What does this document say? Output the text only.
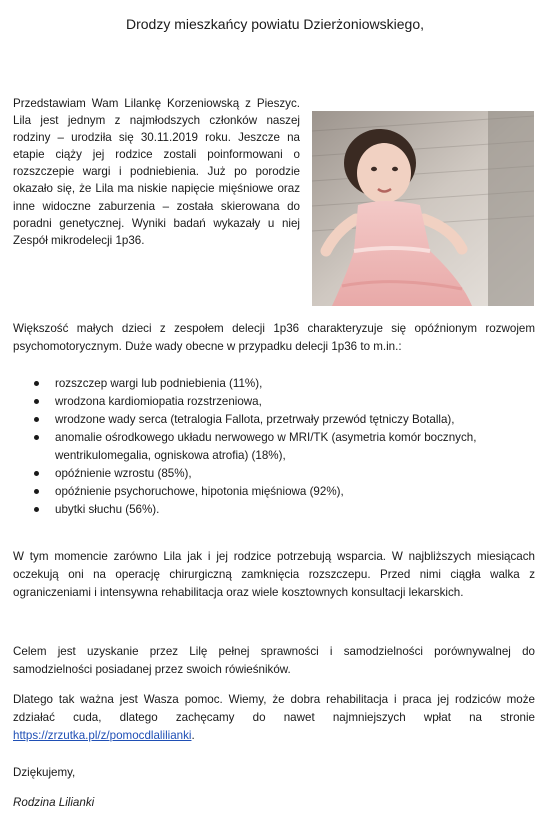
Drodzy mieszkańcy powiatu Dzierżoniowskiego,

Przedstawiam Wam Lilankę Korzeniowską z Pieszyc. Lila jest jednym z najmłodszych członków naszej rodziny – urodziła się 30.11.2019 roku. Jeszcze na etapie ciąży jej rodzice zostali poinformowani o rozszczepie wargi i podniebienia. Już po porodzie okazało się, że Lila ma niskie napięcie mięśniowe oraz inne widoczne zaburzenia – została skierowana do poradni genetycznej. Wyniki badań wykazały u niej Zespół mikrodelecji 1p36.

Większość małych dzieci z zespołem delecji 1p36 charakteryzuje się opóźnionym rozwojem psychomotorycznym. Duże wady obecne w przypadku delecji 1p36 to m.in.:

rozszczep wargi lub podniebienia (11%),
wrodzona kardiomiopatia rozstrzeniowa,
wrodzone wady serca (tetralogia Fallota, przetrwały przewód tętniczy Botalla),
anomalie ośrodkowego układu nerwowego w MRI/TK (asymetria komór bocznych, wentrikulomegalia, ogniskowa atrofia) (18%),
opóźnienie wzrostu (85%),
opóźnienie psychoruchowe, hipotonia mięśniowa (92%),
ubytki słuchu (56%).

W tym momencie zarówno Lila jak i jej rodzice potrzebują wsparcia. W najbliższych miesiącach oczekują oni na operację chirurgiczną zamknięcia rozszczepu. Przed nimi ciągła walka z ograniczeniami i intensywna rehabilitacja oraz wiele kosztownych konsultacji lekarskich.

Celem jest uzyskanie przez Lilę pełnej sprawności i samodzielności porównywalnej do samodzielności posiadanej przez swoich rówieśników.

Dlatego tak ważna jest Wasza pomoc. Wiemy, że dobra rehabilitacja i praca jej rodziców może zdziałać cuda, dlatego zachęcamy do nawet najmniejszych wpłat na stronie https://zrzutka.pl/z/pomocdlalilianki.

Dziękujemy,

Rodzina Lilianki
